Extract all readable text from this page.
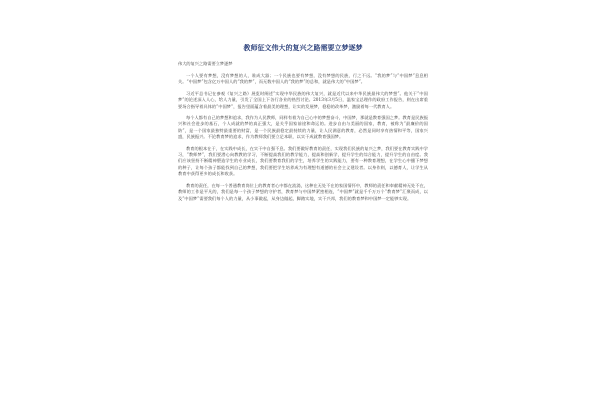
教师征文伟大的复兴之路需要立梦逐梦
伟大的复兴之路需要立梦逐梦

一个人要有梦想，没有梦想的人，谁成大器；一个民族也要有梦想，没有梦想的民族，行之不远。“我的梦”与“中国梦”息息相关。“中国梦”包含亿万中国人的“我的梦”，而无数中国人的“我的梦”的总和，就是伟大的“中国梦”。

习近平总书记在参观《复兴之路》展览时阐述“实现中华民族的伟大复兴，就是近代以来中华民族最伟大的梦想”。他关于“中国梦”的论述深入人心，给人力量，引发了全国上下各行各业的热烈讨论。2013年3月5日，温家宝总理作的政府工作报告，则在出席重要场合指导着具体的“中国梦”，报告里面蕴含着最美的理想，让实的发展梦，稳稳的改革梦，激励着每一代教育人。

每个人都有自己的梦想和追求，我作为人民教师，同样有着为自己心中的梦想奋斗，中国梦，那就是教育强国之梦。教育是民族振兴和社会进步的基石，个人成就的梦的真正强大，是关乎国家前途和命运的。进步自由与美丽的国家，教育，被称为“最廉价的国防”，是一个国家最独特最重要的财富，是一个民族最稳定最持续的力量，让人民满意的教育，必然是同时享有热情和平等，国家兴盛，民族振兴。不论教育梦的追求，作为教师我们要立足本职，以实干成就教育强国梦。

教育的根本在于，在实践中成长，在实干中自强不息。我们要做好教育的责任，实现我们民族的复兴之梦，我们要在教育实践中学习，“教师梦”，我们要潜心向教教的学习，不断提高我们的教学能力，提高和创新学，提升学生的综合能力，提升学生的自由度。我们应该坚持不断精神塑造学生的专业成长，我们要教育我们的学生，培养学生的实践能力，要有一种教育理想，在学生心中播下梦想的种子，让每个孩子都能找到自己的梦想，我们要把学生培养成为有理想有道德的社会主义建设者。以身作则，以德育人，让学生从教育中获得更多的成长和收获。

教育的责任，在每一个普通教育岗位上的教育者心中都在流淌，这种在无处不在的家国情怀中，教师的责任和奉献精神无处不在，教师的工作是平凡的，我们是每一个孩子梦想的守护者，教育梦与中国梦紧密相连，“中国梦”就是千千万万个“教育梦”汇聚而成，以及“中国梦”需要我们每个人的力量，从小事做起，从身边做起，脚踏实地，实干兴邦，我们的教育梦和中国梦一定能够实现。
